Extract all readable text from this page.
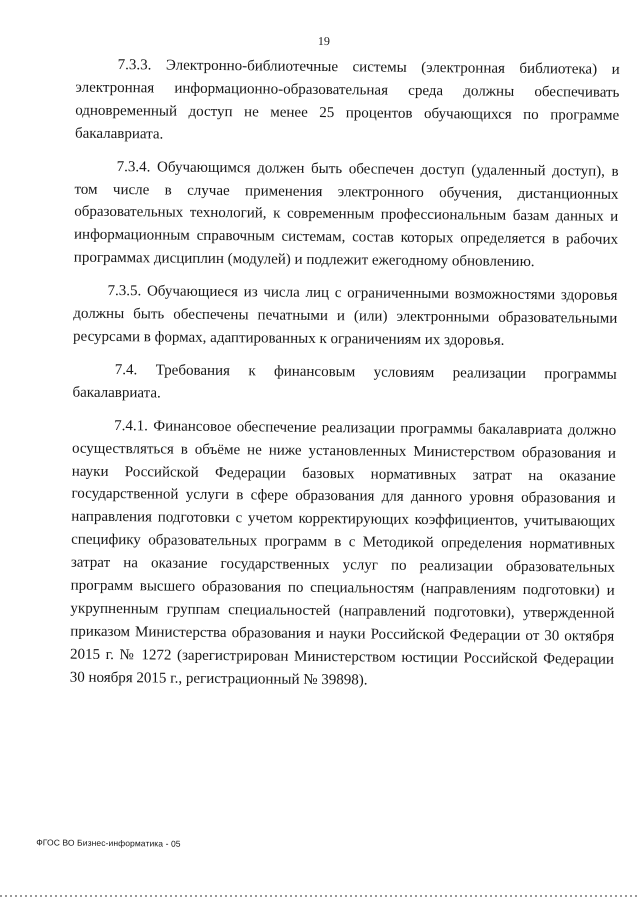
19

7.3.3. Электронно-библиотечные системы (электронная библиотека) и электронная информационно-образовательная среда должны обеспечивать одновременный доступ не менее 25 процентов обучающихся по программе бакалавриата.

7.3.4. Обучающимся должен быть обеспечен доступ (удаленный доступ), в том числе в случае применения электронного обучения, дистанционных образовательных технологий, к современным профессиональным базам данных и информационным справочным системам, состав которых определяется в рабочих программах дисциплин (модулей) и подлежит ежегодному обновлению.

7.3.5. Обучающиеся из числа лиц с ограниченными возможностями здоровья должны быть обеспечены печатными и (или) электронными образовательными ресурсами в формах, адаптированных к ограничениям их здоровья.

7.4. Требования к финансовым условиям реализации программы бакалавриата.

7.4.1. Финансовое обеспечение реализации программы бакалавриата должно осуществляться в объёме не ниже установленных Министерством образования и науки Российской Федерации базовых нормативных затрат на оказание государственной услуги в сфере образования для данного уровня образования и направления подготовки с учетом корректирующих коэффициентов, учитывающих специфику образовательных программ в с Методикой определения нормативных затрат на оказание государственных услуг по реализации образовательных программ высшего образования по специальностям (направлениям подготовки) и укрупненным группам специальностей (направлений подготовки), утвержденной приказом Министерства образования и науки Российской Федерации от 30 октября 2015 г. № 1272 (зарегистрирован Министерством юстиции Российской Федерации 30 ноября 2015 г., регистрационный № 39898).

ФГОС ВО Бизнес-информатика - 05
